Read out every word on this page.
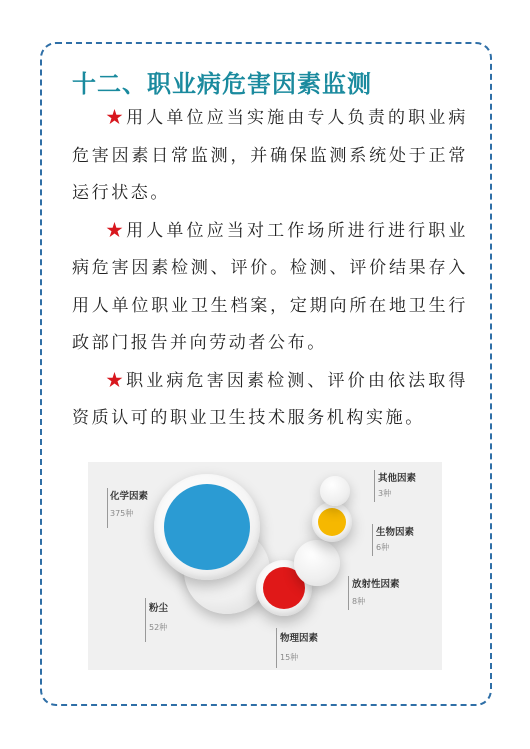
十二、职业病危害因素监测

★用人单位应当实施由专人负责的职业病危害因素日常监测，并确保监测系统处于正常运行状态。

★用人单位应当对工作场所进行进行职业病危害因素检测、评价。检测、评价结果存入用人单位职业卫生档案，定期向所在地卫生行政部门报告并向劳动者公布。

★职业病危害因素检测、评价由依法取得资质认可的职业卫生技术服务机构实施。

化学因素
375种
其他因素
3种
生物因素
6种
放射性因素
8种
粉尘
52种
物理因素
15种
